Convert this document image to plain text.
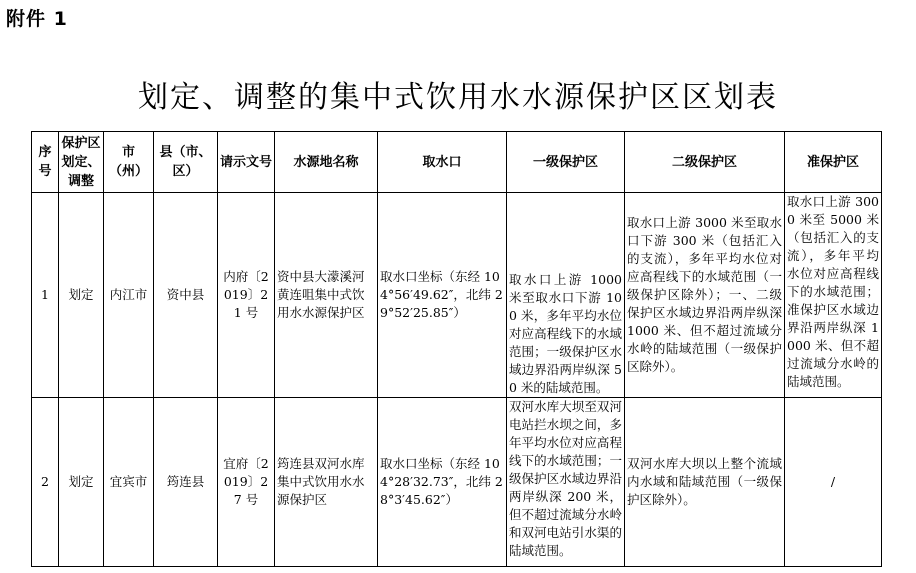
附件 1
划定、调整的集中式饮用水水源保护区区划表
序号	保护区划定、调整	市（州）	县（市、区）	请示文号	水源地名称	取水口	一级保护区	二级保护区	准保护区
1	划定	内江市	资中县	内府〔2019〕21 号	资中县大濛溪河黄连咀集中式饮用水水源保护区	取水口坐标（东经 104°56′49.62″，北纬 29°52′25.85″）	取水口上游 1000 米至取水口下游 100 米，多年平均水位对应高程线下的水域范围；一级保护区水域边界沿两岸纵深 50 米的陆域范围。	取水口上游 3000 米至取水口下游 300 米（包括汇入的支流），多年平均水位对应高程线下的水域范围（一级保护区除外）；一、二级保护区水域边界沿两岸纵深 1000 米、但不超过流域分水岭的陆域范围（一级保护区除外）。	取水口上游 3000 米至 5000 米（包括汇入的支流），多年平均水位对应高程线下的水域范围；准保护区水域边界沿两岸纵深 1000 米、但不超过流域分水岭的陆域范围。
2	划定	宜宾市	筠连县	宜府〔2019〕27 号	筠连县双河水库集中式饮用水水源保护区	取水口坐标（东经 104°28′32.73″，北纬 28°3′45.62″）	双河水库大坝至双河电站拦水坝之间，多年平均水位对应高程线下的水域范围；一级保护区水域边界沿两岸纵深 200 米，但不超过流域分水岭和双河电站引水渠的陆域范围。	双河水库大坝以上整个流域内水域和陆域范围（一级保护区除外）。	/
